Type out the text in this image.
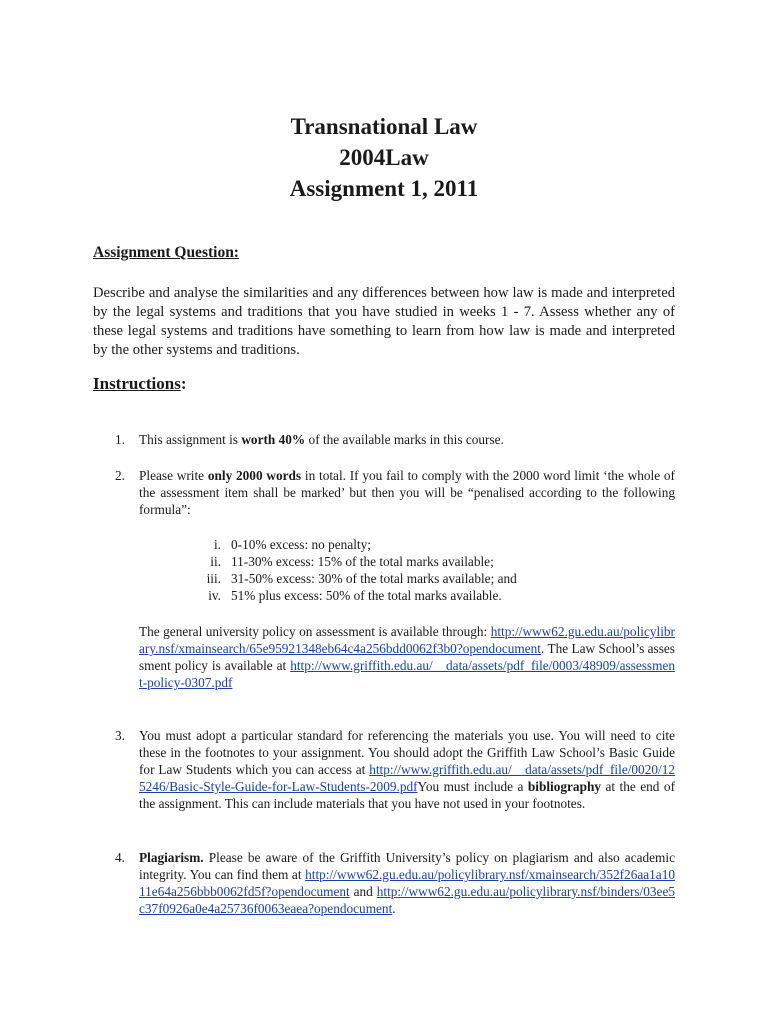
Transnational Law
2004Law
Assignment 1, 2011
Assignment Question:
Describe and analyse the similarities and any differences between how law is made and interpreted by the legal systems and traditions that you have studied in weeks 1 - 7. Assess whether any of these legal systems and traditions have something to learn from how law is made and interpreted by the other systems and traditions.
Instructions:
1. This assignment is worth 40% of the available marks in this course.
2. Please write only 2000 words in total. If you fail to comply with the 2000 word limit ‘the whole of the assessment item shall be marked’ but then you will be “penalised according to the following formula”:
i. 0-10% excess: no penalty;
ii. 11-30% excess: 15% of the total marks available;
iii. 31-50% excess: 30% of the total marks available; and
iv. 51% plus excess: 50% of the total marks available.
The general university policy on assessment is available through: http://www62.gu.edu.au/policylibrary.nsf/xmainsearch/65e95921348eb64c4a256bdd0062f3b0?opendocument. The Law School’s assessment policy is available at http://www.griffith.edu.au/__data/assets/pdf_file/0003/48909/assessment-policy-0307.pdf
3. You must adopt a particular standard for referencing the materials you use. You will need to cite these in the footnotes to your assignment. You should adopt the Griffith Law School’s Basic Guide for Law Students which you can access at http://www.griffith.edu.au/__data/assets/pdf_file/0020/125246/Basic-Style-Guide-for-Law-Students-2009.pdfYou must include a bibliography at the end of the assignment. This can include materials that you have not used in your footnotes.
4. Plagiarism. Please be aware of the Griffith University’s policy on plagiarism and also academic integrity. You can find them at http://www62.gu.edu.au/policylibrary.nsf/xmainsearch/352f26aa1a1011e64a256bbb0062fd5f?opendocument and http://www62.gu.edu.au/policylibrary.nsf/binders/03ee5c37f0926a0e4a25736f0063eaea?opendocument.
